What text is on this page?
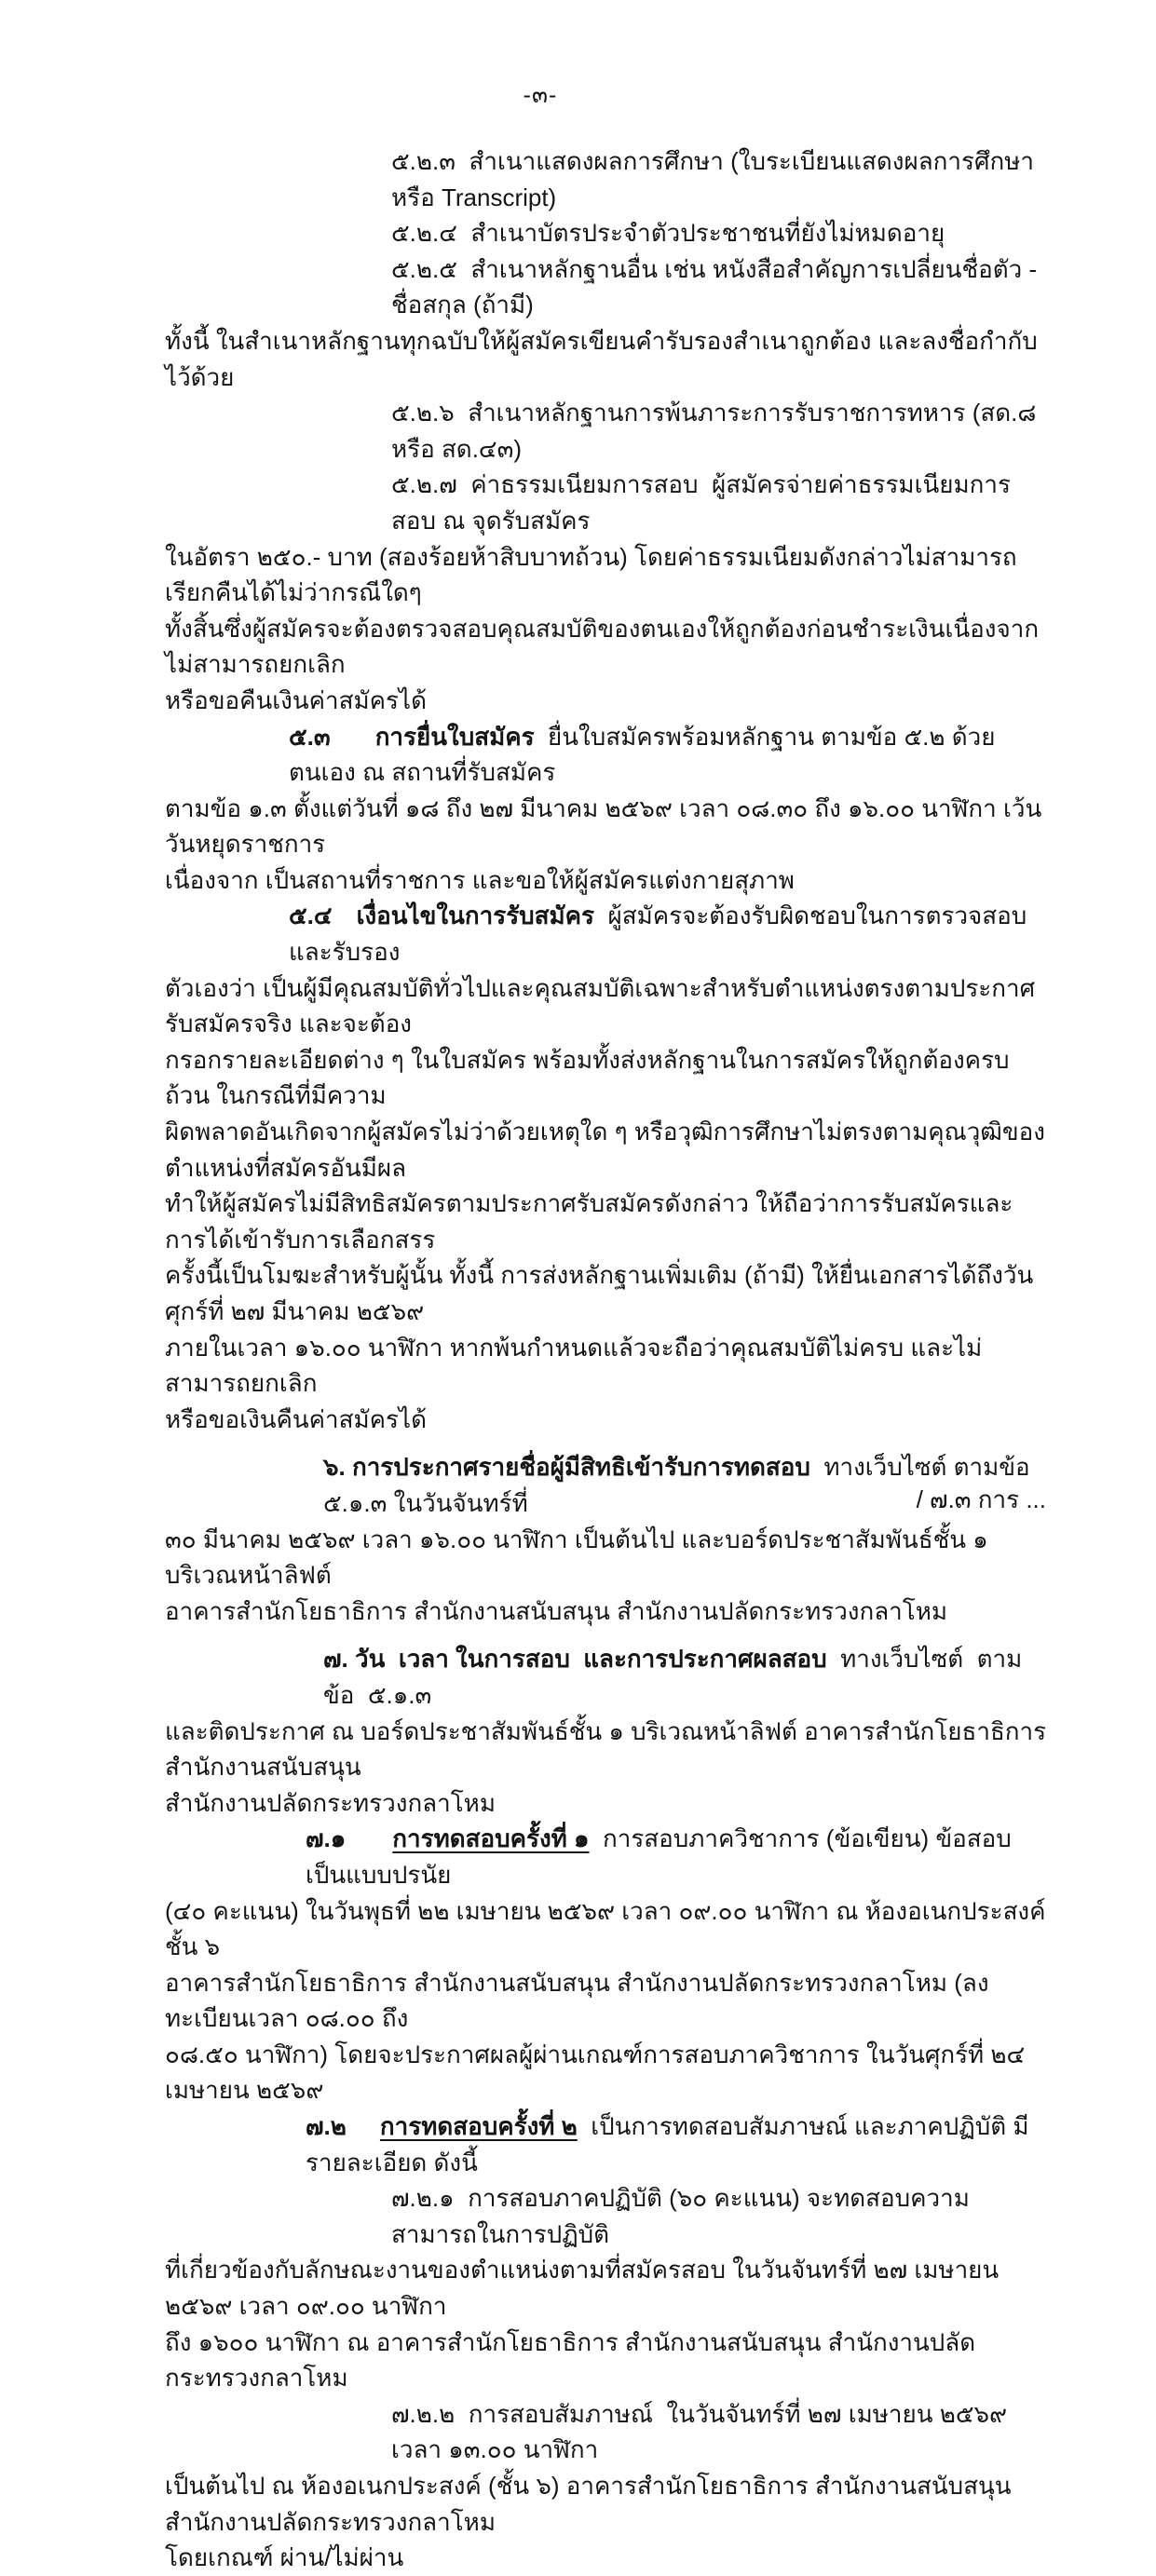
-๓-
๕.๒.๓  สำเนาแสดงผลการศึกษา (ใบระเบียนแสดงผลการศึกษา หรือ Transcript)
๕.๒.๔  สำเนาบัตรประจำตัวประชาชนที่ยังไม่หมดอายุ
๕.๒.๕  สำเนาหลักฐานอื่น เช่น หนังสือสำคัญการเปลี่ยนชื่อตัว - ชื่อสกุล (ถ้ามี)
ทั้งนี้ ในสำเนาหลักฐานทุกฉบับให้ผู้สมัครเขียนคำรับรองสำเนาถูกต้อง และลงชื่อกำกับไว้ด้วย
๕.๒.๖  สำเนาหลักฐานการพ้นภาระการรับราชการทหาร (สด.๘ หรือ สด.๔๓)
๕.๒.๗  ค่าธรรมเนียมการสอบ  ผู้สมัครจ่ายค่าธรรมเนียมการสอบ ณ จุดรับสมัคร
ในอัตรา ๒๕๐.- บาท (สองร้อยห้าสิบบาทถ้วน) โดยค่าธรรมเนียมดังกล่าวไม่สามารถเรียกคืนได้ไม่ว่ากรณีใดๆ
ทั้งสิ้นซึ่งผู้สมัครจะต้องตรวจสอบคุณสมบัติของตนเองให้ถูกต้องก่อนชำระเงินเนื่องจากไม่สามารถยกเลิก
หรือขอคืนเงินค่าสมัครได้
๕.๓ การยื่นใบสมัคร  ยื่นใบสมัครพร้อมหลักฐาน ตามข้อ ๕.๒ ด้วยตนเอง ณ สถานที่รับสมัคร
ตามข้อ ๑.๓ ตั้งแต่วันที่ ๑๘ ถึง ๒๗ มีนาคม ๒๕๖๙ เวลา ๐๘.๓๐ ถึง ๑๖.๐๐ นาฬิกา เว้นวันหยุดราชการ
เนื่องจาก เป็นสถานที่ราชการ และขอให้ผู้สมัครแต่งกายสุภาพ
๕.๔ เงื่อนไขในการรับสมัคร  ผู้สมัครจะต้องรับผิดชอบในการตรวจสอบและรับรอง
ตัวเองว่า เป็นผู้มีคุณสมบัติทั่วไปและคุณสมบัติเฉพาะสำหรับตำแหน่งตรงตามประกาศรับสมัครจริง และจะต้อง
กรอกรายละเอียดต่าง ๆ ในใบสมัคร พร้อมทั้งส่งหลักฐานในการสมัครให้ถูกต้องครบถ้วน ในกรณีที่มีความ
ผิดพลาดอันเกิดจากผู้สมัครไม่ว่าด้วยเหตุใด ๆ หรือวุฒิการศึกษาไม่ตรงตามคุณวุฒิของตำแหน่งที่สมัครอันมีผล
ทำให้ผู้สมัครไม่มีสิทธิสมัครตามประกาศรับสมัครดังกล่าว ให้ถือว่าการรับสมัครและการได้เข้ารับการเลือกสรร
ครั้งนี้เป็นโมฆะสำหรับผู้นั้น ทั้งนี้ การส่งหลักฐานเพิ่มเติม (ถ้ามี) ให้ยื่นเอกสารได้ถึงวันศุกร์ที่ ๒๗ มีนาคม ๒๕๖๙
ภายในเวลา ๑๖.๐๐ นาฬิกา หากพ้นกำหนดแล้วจะถือว่าคุณสมบัติไม่ครบ และไม่สามารถยกเลิก
หรือขอเงินคืนค่าสมัครได้
๖. การประกาศรายชื่อผู้มีสิทธิเข้ารับการทดสอบ  ทางเว็บไซต์ ตามข้อ ๕.๑.๓ ในวันจันทร์ที่
๓๐ มีนาคม ๒๕๖๙ เวลา ๑๖.๐๐ นาฬิกา เป็นต้นไป และบอร์ดประชาสัมพันธ์ชั้น ๑ บริเวณหน้าลิฟต์
อาคารสำนักโยธาธิการ สำนักงานสนับสนุน สำนักงานปลัดกระทรวงกลาโหม
๗. วัน  เวลา ในการสอบ  และการประกาศผลสอบ  ทางเว็บไซต์  ตามข้อ  ๕.๑.๓
และติดประกาศ ณ บอร์ดประชาสัมพันธ์ชั้น ๑ บริเวณหน้าลิฟต์ อาคารสำนักโยธาธิการ สำนักงานสนับสนุน
สำนักงานปลัดกระทรวงกลาโหม
๗.๑ การทดสอบครั้งที่ ๑  การสอบภาควิชาการ (ข้อเขียน) ข้อสอบเป็นแบบปรนัย
(๔๐ คะแนน) ในวันพุธที่ ๒๒ เมษายน ๒๕๖๙ เวลา ๐๙.๐๐ นาฬิกา ณ ห้องอเนกประสงค์ ชั้น ๖
อาคารสำนักโยธาธิการ สำนักงานสนับสนุน สำนักงานปลัดกระทรวงกลาโหม (ลงทะเบียนเวลา ๐๘.๐๐ ถึง
๐๘.๕๐ นาฬิกา) โดยจะประกาศผลผู้ผ่านเกณฑ์การสอบภาควิชาการ ในวันศุกร์ที่ ๒๔ เมษายน ๒๕๖๙
๗.๒ การทดสอบครั้งที่ ๒  เป็นการทดสอบสัมภาษณ์ และภาคปฏิบัติ มีรายละเอียด ดังนี้
๗.๒.๑  การสอบภาคปฏิบัติ (๖๐ คะแนน) จะทดสอบความสามารถในการปฏิบัติ
ที่เกี่ยวข้องกับลักษณะงานของตำแหน่งตามที่สมัครสอบ ในวันจันทร์ที่ ๒๗ เมษายน ๒๕๖๙ เวลา ๐๙.๐๐ นาฬิกา
ถึง ๑๖๐๐ นาฬิกา ณ อาคารสำนักโยธาธิการ สำนักงานสนับสนุน สำนักงานปลัดกระทรวงกลาโหม
๗.๒.๒  การสอบสัมภาษณ์  ในวันจันทร์ที่ ๒๗ เมษายน ๒๕๖๙ เวลา ๑๓.๐๐ นาฬิกา
เป็นต้นไป ณ ห้องอเนกประสงค์ (ชั้น ๖) อาคารสำนักโยธาธิการ สำนักงานสนับสนุน สำนักงานปลัดกระทรวงกลาโหม
โดยเกณฑ์ ผ่าน/ไม่ผ่าน
/ ๗.๓ การ ...
